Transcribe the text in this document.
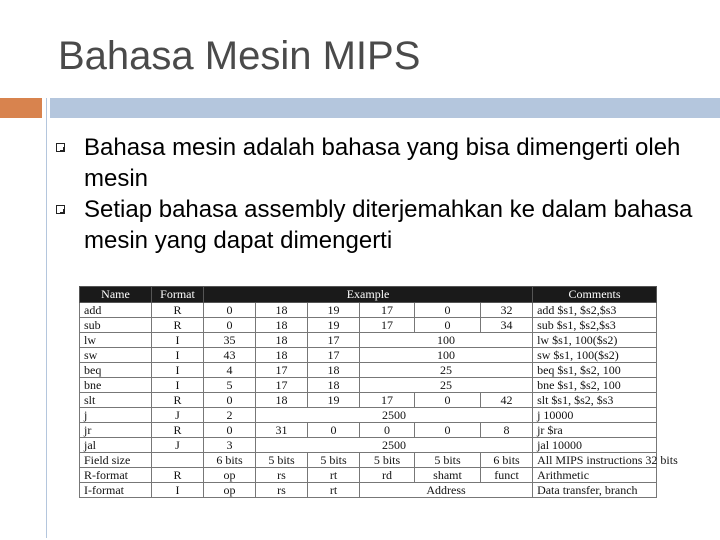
Bahasa Mesin MIPS
Bahasa mesin adalah bahasa yang bisa dimengerti oleh mesin
Setiap bahasa assembly diterjemahkan ke dalam bahasa mesin yang dapat dimengerti
Name	Format	Example						Comments
add	R	0	18	19	17	0	32	add $s1, $s2,$s3
sub	R	0	18	19	17	0	34	sub $s1, $s2,$s3
lw	I	35	18	17	100			lw $s1, 100($s2)
sw	I	43	18	17	100			sw $s1, 100($s2)
beq	I	4	17	18	25			beq $s1, $s2, 100
bne	I	5	17	18	25			bne $s1, $s2, 100
slt	R	0	18	19	17	0	42	slt $s1, $s2, $s3
j	J	2	2500					j 10000
jr	R	0	31	0	0	0	8	jr $ra
jal	J	3	2500					jal 10000
Field size		6 bits	5 bits	5 bits	5 bits	5 bits	6 bits	All MIPS instructions 32 bits
R-format	R	op	rs	rt	rd	shamt	funct	Arithmetic
I-format	I	op	rs	rt	Address			Data transfer, branch
